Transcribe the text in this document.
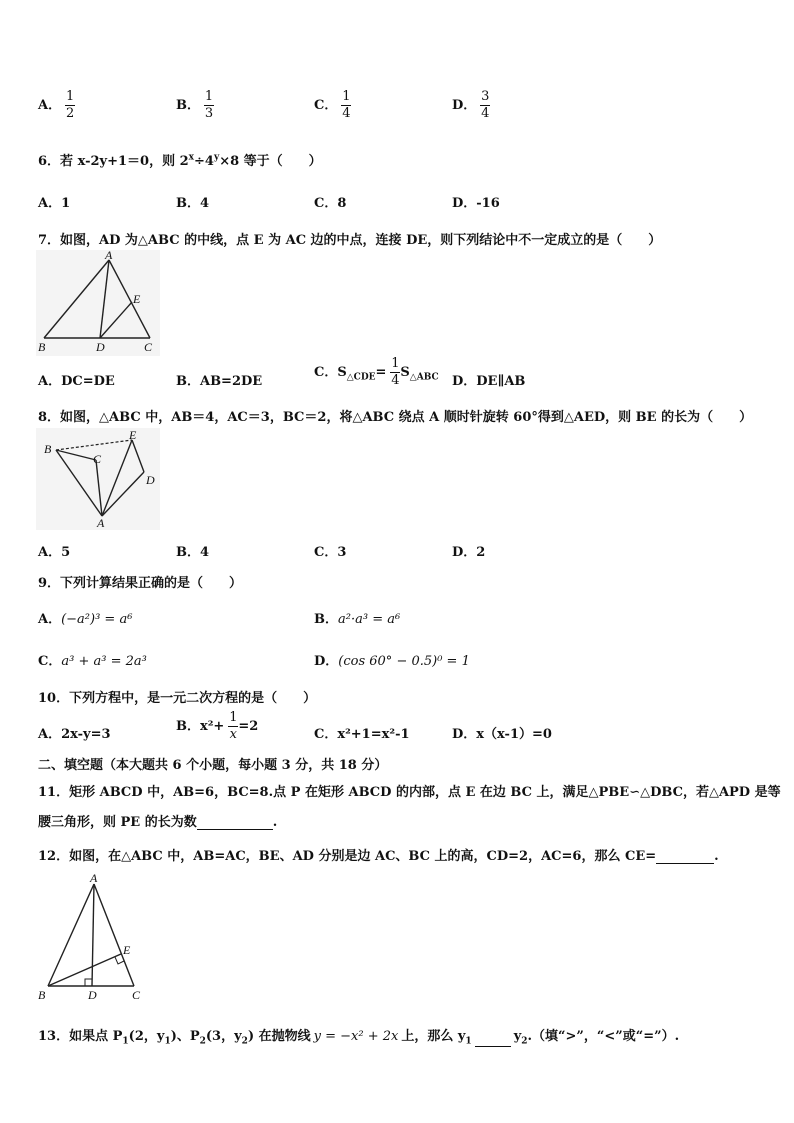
A． $\frac{1}{2}$	B． $\frac{1}{3}$	C． $\frac{1}{4}$	D． $\frac{3}{4}$
6．若 x-2y+1＝0，则 $2^x\div 4^y\times 8$ 等于（　　）
A．1	B．4	C．8	D．-16
7．如图，AD 为△ABC 的中线，点 E 为 AC 边的中点，连接 DE，则下列结论中不一定成立的是（　　）
A
B	D	C
E
A．DC=DE	B．AB=2DE
C．$S_{\triangle CDE}= \frac{1}{4} S_{\triangle ABC}$ D．DE∥AB
8．如图，△ABC 中，AB＝4，AC＝3，BC＝2，将△ABC 绕点 A 顺时针旋转 60°得到△AED，则 BE 的长为（　　）
B
C
E
D
A
A．5	B．4	C．3	D．2
9．下列计算结果正确的是（　　）
A．(−a²)³ = a⁶	B．a²·a³ = a⁶
C．a³ + a³ = 2a³	D．(cos 60° − 0.5)⁰ = 1
10．下列方程中，是一元二次方程的是（　　）
A．2x-y=3
B．$x^2+ \frac{1}{x} =2$
C．x²+1=x²-1	D．x（x-1）=0
二、填空题（本大题共 6 个小题，每小题 3 分，共 18 分）
11．矩形 ABCD 中，AB=6，BC=8.点 P 在矩形 ABCD 的内部，点 E 在边 BC 上，满足△PBE∽△DBC，若△APD 是等
腰三角形，则 PE 的长为数	.
12．如图，在△ABC 中，AB=AC，BE、AD 分别是边 AC、BC 上的高，CD=2，AC=6，那么 CE=	.
A
B	D	C
E
13．如果点 $P_1(2$，$y_1$)、$P_2(3$，$y_2$) 在抛物线 y = −x² + 2x 上，那么 $y_1$	$y_2$.（填“>”，“<”或“=”）.
